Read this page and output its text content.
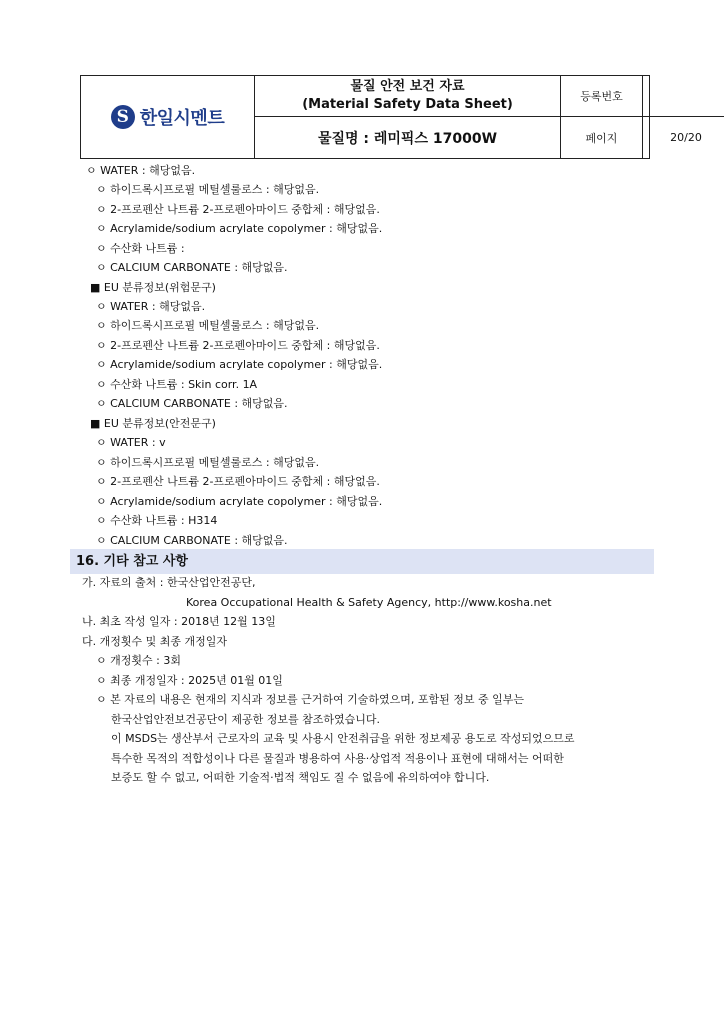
S 한일시멘트
물질 안전 보건 자료
(Material Safety Data Sheet)
물질명 : 레미픽스 17000W
등록번호
페이지	20/20
ㅇ WATER : 해당없음.
ㅇ 하이드록시프로필 메틸셀룰로스 : 해당없음.
ㅇ 2-프로펜산 나트륨 2-프로펜아마이드 중합체 : 해당없음.
ㅇ Acrylamide/sodium acrylate copolymer : 해당없음.
ㅇ 수산화 나트륨 :
ㅇ CALCIUM CARBONATE : 해당없음.
■ EU 분류정보(위험문구)
ㅇ WATER : 해당없음.
ㅇ 하이드록시프로필 메틸셀룰로스 : 해당없음.
ㅇ 2-프로펜산 나트륨 2-프로펜아마이드 중합체 : 해당없음.
ㅇ Acrylamide/sodium acrylate copolymer : 해당없음.
ㅇ 수산화 나트륨 : Skin corr. 1A
ㅇ CALCIUM CARBONATE : 해당없음.
■ EU 분류정보(안전문구)
ㅇ WATER : v
ㅇ 하이드록시프로필 메틸셀룰로스 : 해당없음.
ㅇ 2-프로펜산 나트륨 2-프로펜아마이드 중합체 : 해당없음.
ㅇ Acrylamide/sodium acrylate copolymer : 해당없음.
ㅇ 수산화 나트륨 : H314
ㅇ CALCIUM CARBONATE : 해당없음.
16. 기타 참고 사항
가. 자료의 출처 : 한국산업안전공단,
Korea Occupational Health & Safety Agency, http://www.kosha.net
나. 최초 작성 일자 : 2018년 12월 13일
다. 개정횟수 및 최종 개정일자
ㅇ 개정횟수 : 3회
ㅇ 최종 개정일자 : 2025년 01월 01일
ㅇ 본 자료의 내용은 현재의 지식과 정보를 근거하여 기술하였으며, 포함된 정보 중 일부는
한국산업안전보건공단이 제공한 정보를 참조하였습니다.
이 MSDS는 생산부서 근로자의 교육 및 사용시 안전취급을 위한 정보제공 용도로 작성되었으므로
특수한 목적의 적합성이나 다른 물질과 병용하여 사용·상업적 적용이나 표현에 대해서는 어떠한
보증도 할 수 없고, 어떠한 기술적·법적 책임도 질 수 없음에 유의하여야 합니다.
